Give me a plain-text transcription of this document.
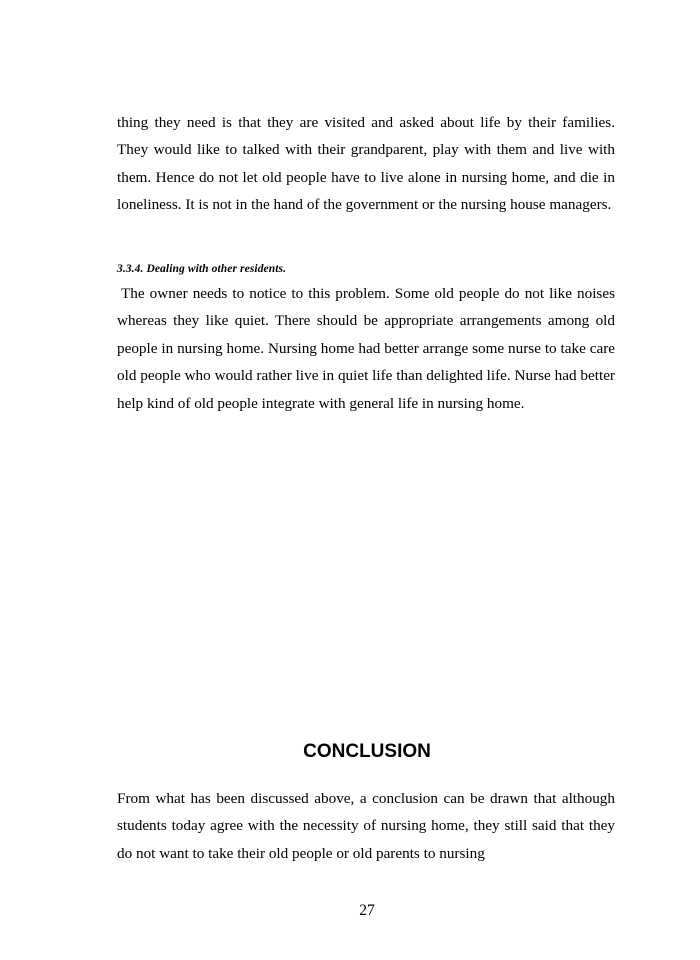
thing they need is that they are visited and asked about life by their families. They would like to talked with their grandparent, play with them and live with them. Hence do not let old people have to live alone in nursing home, and die in loneliness. It is not in the hand of the government or the nursing house managers.

3.3.4. Dealing with other residents.

The owner needs to notice to this problem. Some old people do not like noises whereas they like quiet. There should be appropriate arrangements among old people in nursing home. Nursing home had better arrange some nurse to take care old people who would rather live in quiet life than delighted life. Nurse had better help kind of old people integrate with general life in nursing home.

CONCLUSION

From what has been discussed above, a conclusion can be drawn that although students today agree with the necessity of nursing home, they still said that they do not want to take their old people or old parents to nursing

27
